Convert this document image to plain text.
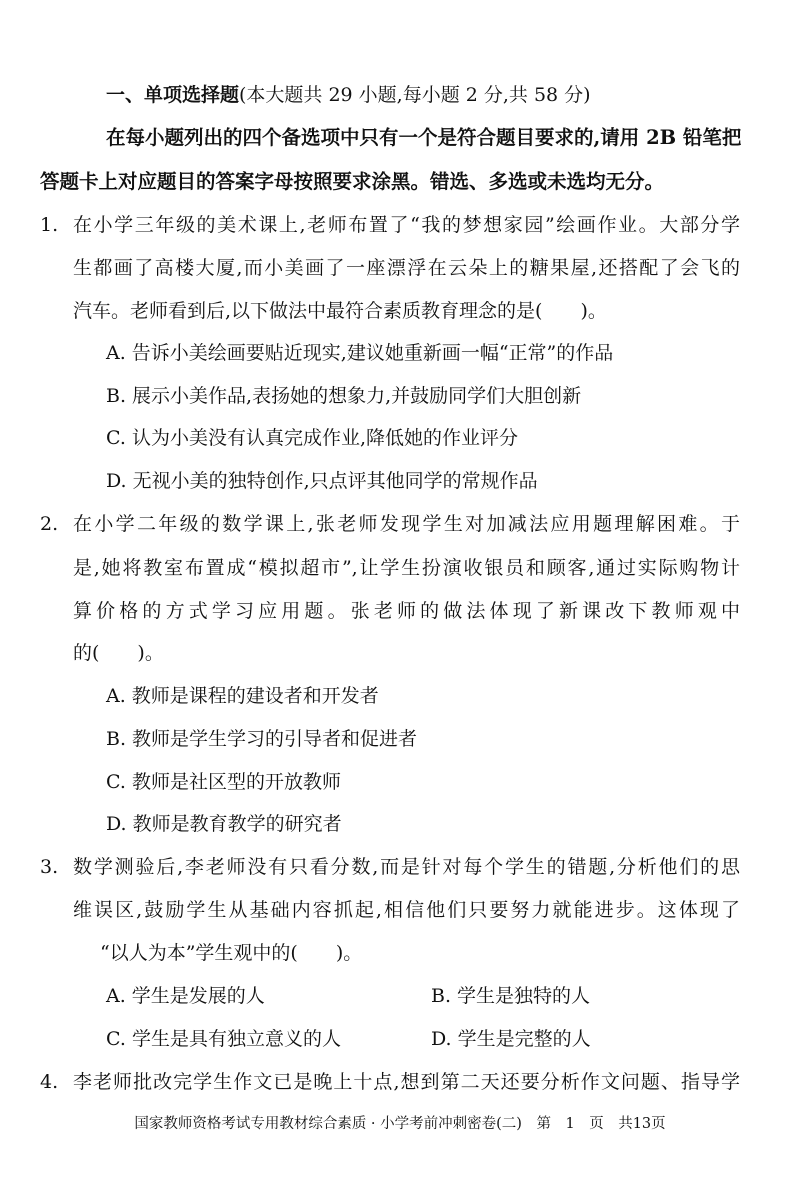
一、单项选择题(本大题共 29 小题,每小题 2 分,共 58 分)
在每小题列出的四个备选项中只有一个是符合题目要求的,请用 2B 铅笔把
答题卡上对应题目的答案字母按照要求涂黑。错选、多选或未选均无分。
1. 在小学三年级的美术课上,老师布置了“我的梦想家园”绘画作业。大部分学
生都画了高楼大厦,而小美画了一座漂浮在云朵上的糖果屋,还搭配了会飞的
汽车。老师看到后,以下做法中最符合素质教育理念的是(　　)。
A. 告诉小美绘画要贴近现实,建议她重新画一幅“正常”的作品
B. 展示小美作品,表扬她的想象力,并鼓励同学们大胆创新
C. 认为小美没有认真完成作业,降低她的作业评分
D. 无视小美的独特创作,只点评其他同学的常规作品
2. 在小学二年级的数学课上,张老师发现学生对加减法应用题理解困难。于
是,她将教室布置成“模拟超市”,让学生扮演收银员和顾客,通过实际购物计
算价格的方式学习应用题。张老师的做法体现了新课改下教师观中
的(　　)。
A. 教师是课程的建设者和开发者
B. 教师是学生学习的引导者和促进者
C. 教师是社区型的开放教师
D. 教师是教育教学的研究者
3. 数学测验后,李老师没有只看分数,而是针对每个学生的错题,分析他们的思
维误区,鼓励学生从基础内容抓起,相信他们只要努力就能进步。这体现了
“以人为本”学生观中的(　　)。
A. 学生是发展的人	B. 学生是独特的人
C. 学生是具有独立意义的人	D. 学生是完整的人
4. 李老师批改完学生作文已是晚上十点,想到第二天还要分析作文问题、指导学
国家教师资格考试专用教材综合素质 · 小学考前冲刺密卷(二)　第　1　页　共13页
